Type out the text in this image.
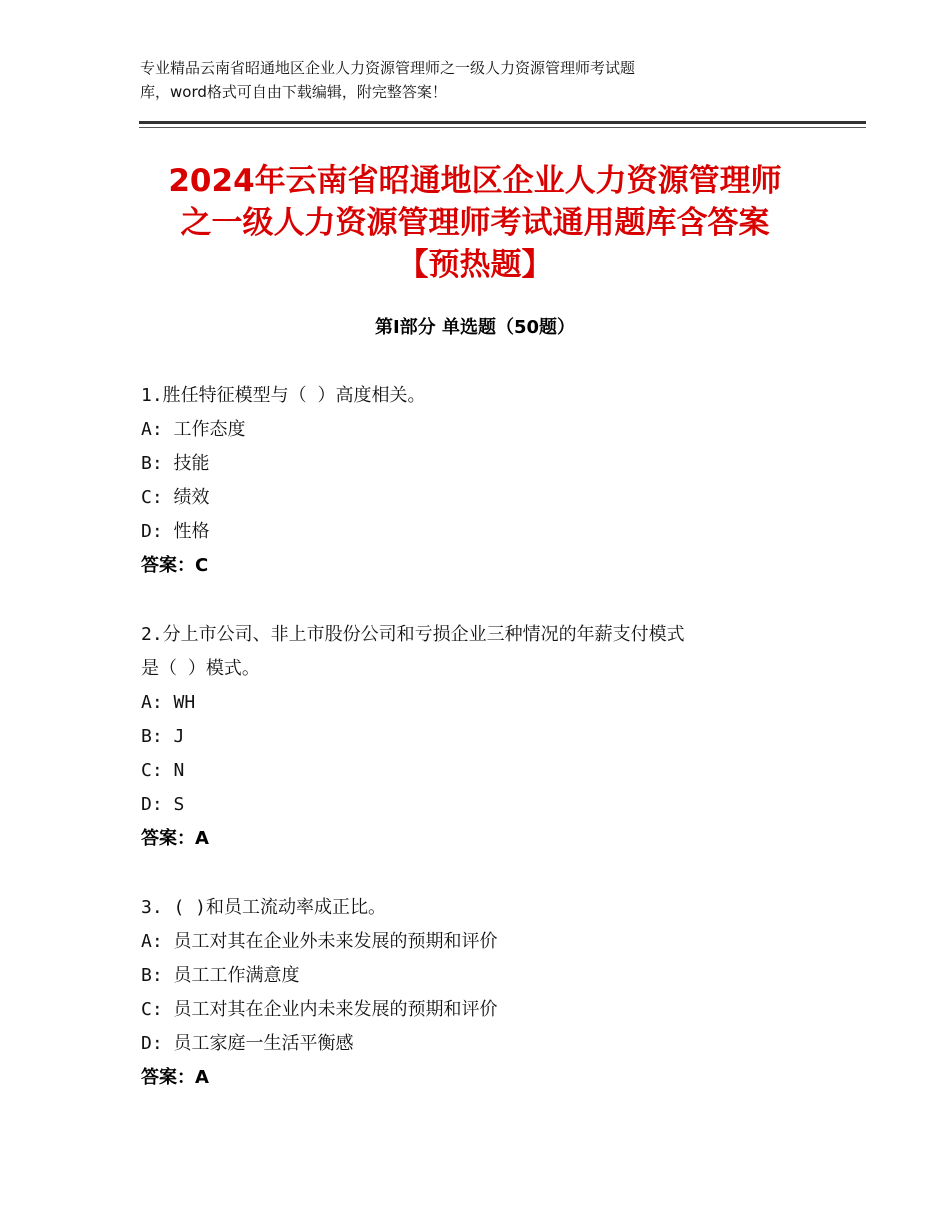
专业精品云南省昭通地区企业人力资源管理师之一级人力资源管理师考试题
库，word格式可自由下载编辑，附完整答案！
2024年云南省昭通地区企业人力资源管理师
之一级人力资源管理师考试通用题库含答案
【预热题】
第Ⅰ部分 单选题（50题）
1.胜任特征模型与（ ）高度相关。
A: 工作态度
B: 技能
C: 绩效
D: 性格
答案：C
2.分上市公司、非上市股份公司和亏损企业三种情况的年薪支付模式
是（ ）模式。
A: WH
B: J
C: N
D: S
答案：A
3. ( )和员工流动率成正比。
A: 员工对其在企业外未来发展的预期和评价
B: 员工工作满意度
C: 员工对其在企业内未来发展的预期和评价
D: 员工家庭一生活平衡感
答案：A
